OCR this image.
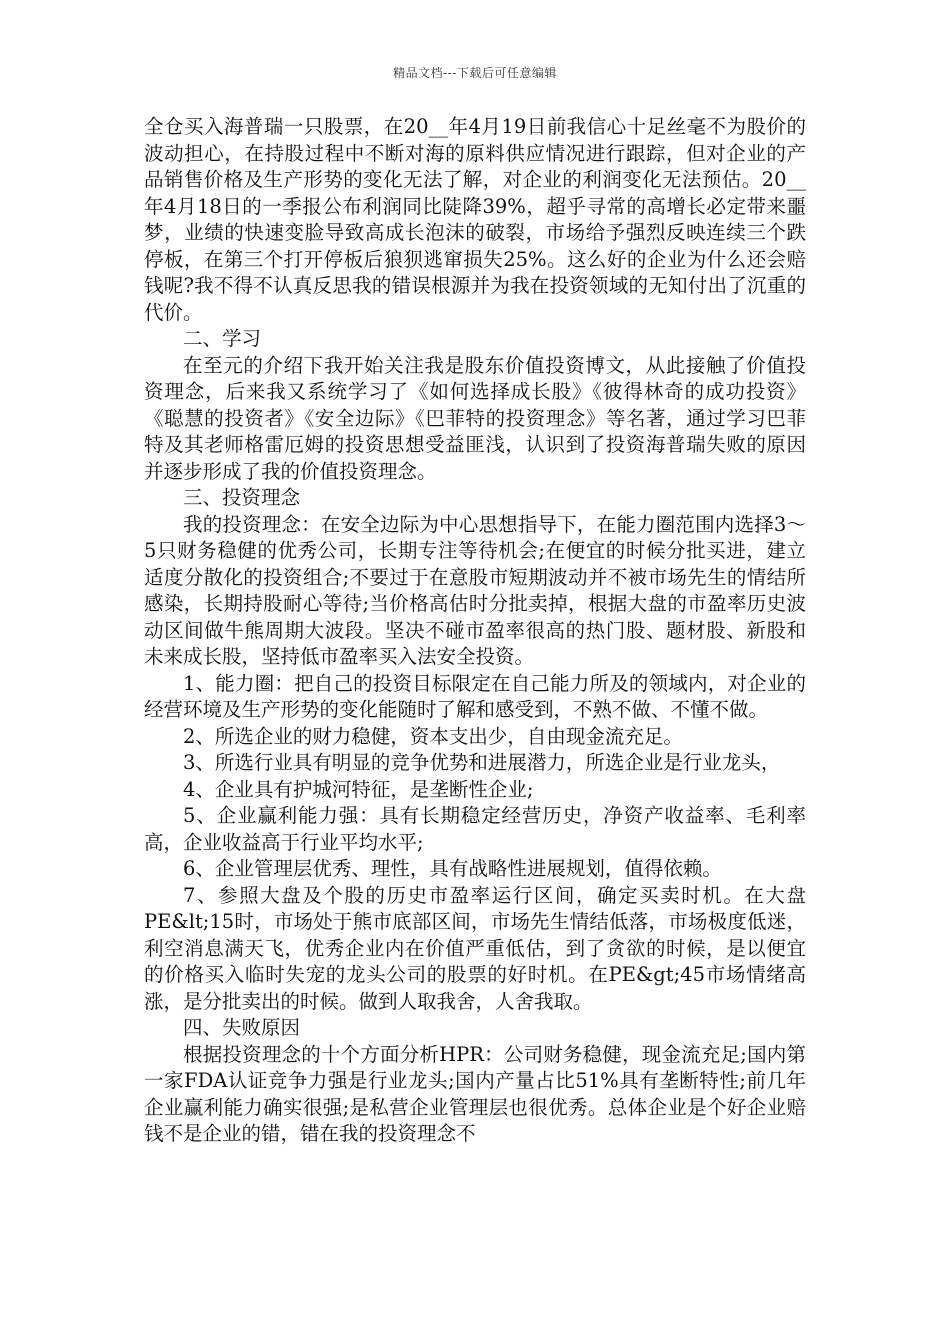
精品文档---下载后可任意编辑

全仓买入海普瑞一只股票，在20__年4月19日前我信心十足丝毫不为股价的波动担心，在持股过程中不断对海的原料供应情况进行跟踪，但对企业的产品销售价格及生产形势的变化无法了解，对企业的利润变化无法预估。20__年4月18日的一季报公布利润同比陡降39%，超乎寻常的高增长必定带来噩梦，业绩的快速变脸导致高成长泡沫的破裂，市场给予强烈反映连续三个跌停板，在第三个打开停板后狼狈逃窜损失25%。这么好的企业为什么还会赔钱呢?我不得不认真反思我的错误根源并为我在投资领域的无知付出了沉重的代价。

二、学习

在至元的介绍下我开始关注我是股东价值投资博文，从此接触了价值投资理念，后来我又系统学习了《如何选择成长股》《彼得林奇的成功投资》《聪慧的投资者》《安全边际》《巴菲特的投资理念》等名著，通过学习巴菲特及其老师格雷厄姆的投资思想受益匪浅，认识到了投资海普瑞失败的原因并逐步形成了我的价值投资理念。

三、投资理念

我的投资理念：在安全边际为中心思想指导下，在能力圈范围内选择3～5只财务稳健的优秀公司，长期专注等待机会;在便宜的时候分批买进，建立适度分散化的投资组合;不要过于在意股市短期波动并不被市场先生的情结所感染，长期持股耐心等待;当价格高估时分批卖掉，根据大盘的市盈率历史波动区间做牛熊周期大波段。坚决不碰市盈率很高的热门股、题材股、新股和未来成长股，坚持低市盈率买入法安全投资。

1、能力圈：把自己的投资目标限定在自己能力所及的领域内，对企业的经营环境及生产形势的变化能随时了解和感受到，不熟不做、不懂不做。

2、所选企业的财力稳健，资本支出少，自由现金流充足。

3、所选行业具有明显的竞争优势和进展潜力，所选企业是行业龙头，

4、企业具有护城河特征，是垄断性企业;

5、企业赢利能力强：具有长期稳定经营历史，净资产收益率、毛利率高，企业收益高于行业平均水平;

6、企业管理层优秀、理性，具有战略性进展规划，值得依赖。

7、参照大盘及个股的历史市盈率运行区间，确定买卖时机。在大盘PE&lt;15时，市场处于熊市底部区间，市场先生情结低落，市场极度低迷，利空消息满天飞，优秀企业内在价值严重低估，到了贪欲的时候，是以便宜的价格买入临时失宠的龙头公司的股票的好时机。在PE&gt;45市场情绪高涨，是分批卖出的时候。做到人取我舍，人舍我取。

四、失败原因

根据投资理念的十个方面分析HPR：公司财务稳健，现金流充足;国内第一家FDA认证竞争力强是行业龙头;国内产量占比51%具有垄断特性;前几年企业赢利能力确实很强;是私营企业管理层也很优秀。总体企业是个好企业赔钱不是企业的错，错在我的投资理念不
